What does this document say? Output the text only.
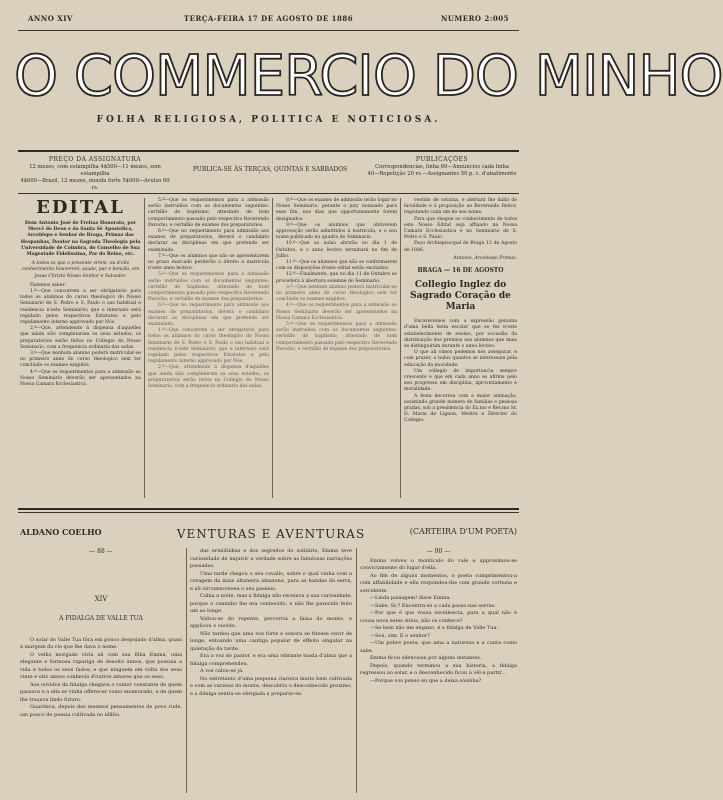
ANNO XIV	TERÇA-FEIRA 17 DE AGOSTO DE 1886	NUMERO 2:005
O COMMERCIO DO MINHO
FOLHA RELIGIOSA, POLITICA E NOTICIOSA.
PREÇO DA ASSIGNATURA
12 mezes, com estampilha 4$500—11 mezes, sem estampilha
4$000—Brazil, 12 mezes, moeda forte 5$000—Avulso 60 rs.
PUBLICA-SE ÁS TERÇAS, QUINTAS E SABBADOS
PUBLICAÇÕES
Correspondencias, linha 60—Annuncios cada linha
40—Repetição 20 rs.—Assignantes 50 p. c. d'abatimento
EDITAL

Dom Antonio José de Freitas Honorato, por Mercê de Deus e da Santa Sé Apostolica, Arcebispo e Senhor de Braga, Primaz das Hespanhas, Doutor na Sagrada Theologia pela Universidade de Coimbra, do Conselho de Sua Magestade Fidelissima, Par do Reino, etc.

A todos os que o presente virem, ou d'elle conhecimento houverem, saude, paz e benção, em Jesus Christo Nosso Senhor e Salvador.

Fazemos saber:

1.º—Que concorrem a ser obrigatorio para todos os alumnos do curso theologico do Nosso Seminario de S. Pedro e S. Paulo o uso habitual e residencia n'este Seminario; que o internato será regulado pelos respectivos Estatutos e pelo regulamento interno approvado por Nós.

2.º—Que, attendendo á dispensa d'aquelles que ainda não completaram os seus estudos, os preparatorios serão feitos no Collegio do Nosso Seminario, com a frequencia ordinaria das aulas.

3.º—Que nenhum alumno poderá matricular-se no primeiro anno do curso theologico sem ter concluido os exames exigidos.

4.º—Que os requerimentos para a admissão ao Nosso Seminario deverão ser apresentados na Nossa Camara Ecclesiastica.

5.º—Que os requerimentos para a admissão serão instruidos com os documentos seguintes: certidão de baptismo, attestado de bom comportamento passado pelo respectivo Reverendo Parocho, e certidão de exames dos preparatorios.

6.º—Que no requerimento para admissão aos exames de preparatorios, deverá o candidato declarar as disciplinas em que pretende ser examinado.

7.º—Que os alumnos que não se apresentarem no prazo marcado perderão o direito á matricula n'este anno lectivo.

5.º—Que os requerimentos para a admissão serão instruidos com os documentos seguintes: certidão de baptismo, attestado de bom comportamento passado pelo respectivo Reverendo Parocho, e certidão de exames dos preparatorios.

6.º—Que no requerimento para admissão aos exames de preparatorios, deverá o candidato declarar as disciplinas em que pretende ser examinado.

1.º—Que concorrem a ser obrigatorio para todos os alumnos do curso theologico do Nosso Seminario de S. Pedro e S. Paulo o uso habitual e residencia n'este Seminario; que o internato será regulado pelos respectivos Estatutos e pelo regulamento interno approvado por Nós.

2.º—Que, attendendo á dispensa d'aquelles que ainda não completaram os seus estudos, os preparatorios serão feitos no Collegio do Nosso Seminario, com a frequencia ordinaria das aulas.

8.º—Que os exames de admissão terão logar no Nosso Seminario, perante o jury nomeado para esse fim, nos dias que opportunamente forem designados.

9.º—Que os alumnos que obtiverem approvação serão admittidos á matricula, e o seu nome publicado no quadro do Seminario.

10.º—Que as aulas abrirão no dia 1 de Outubro, e o anno lectivo terminará no fim de Julho.

11.º—Que os alumnos que não se conformarem com as disposições d'este edital serão excluidos.

12.º—Finalmente, que no dia 11 de Outubro se procederá á abertura solemne do Seminario.

3.º—Que nenhum alumno poderá matricular-se no primeiro anno do curso theologico sem ter concluido os exames exigidos.

4.º—Que os requerimentos para a admissão ao Nosso Seminario deverão ser apresentados na Nossa Camara Ecclesiastica.

5.º—Que os requerimentos para a admissão serão instruidos com os documentos seguintes: certidão de baptismo, attestado de bom comportamento passado pelo respectivo Reverendo Parocho, e certidão de exames dos preparatorios.

vestido de sotaina, e alertará lhe dalla de faculdade e á proposição ao Reverendo Reitor, registando cada um do seu nome.

Para que chegue ao conhecimento de todos este Nosso Edital seja affixado na Nossa Camara Ecclesiastica e no Seminario de S. Pedro e S. Paulo.

Paço Archiepiscopal de Braga 12 de Agosto de 1886.

Antonio, Arcebispo Primaz.

BRAGA — 16 DE AGOSTO
Collegio Inglez do Sagrado Coração de Maria

Encarecemos com a expressão genuina d'uma bella festa escolar que se fez n'este estabelecimento de ensino, por occasião da distribuição dos premios aos alumnos que mais se distinguiram durante o anno lectivo.

O que ali vimos podemos nós assegurar, e com prazer, a todos quantos se interessam pela educação da mocidade.

Um collegio de importancia sempre crescente e que em cada anno se afirma pelo seu progresso em disciplina, aproveitamento e moralidade.

A festa decorreu com a maior animação, assistindo grande numero de familias e pessoas gradas, sob a presidencia do Ex.mo e Rev.mo Sr. D. Maria de Lignon, Mestre e Director do Collegio.

ALDANO COELHO	VENTURAS E AVENTURAS	(CARTEIRA D'UM POETA)
— 88 —
XIV
A FIDALGA DE VALLE TUA

O solar do Valle Tua fôra em pouco despojado d'alma, quasi á margem do rio que lhe dava o nome.

O velho morgado vivia ali com sua filha Emma, uma elegante e formosa rapariga de desoito annos, que possuia a vida e todos os seus fados; e que ninguem em volta dos seus vinte e oito annos conhecia d'outros amores que os seus.

Aos ouvidos da fidalga chegava o rumor constante de quem passava e a ella se vinha offerecer como enamorado, e de quem lhe traçava lindo futuro.

Guardava, depois dos mesmos pensamentos de povo rude, um pouco de poesia cultivada no idillio.

das ermidinhas e dos segredos do solitário, Emma teve curiosidade de inquirir a verdade sobre as fabulosas narrações passadas.

Uma tarde chegou o seu cavallo, sobre o qual vinha com a coragem da mais altaneira amazona, para as bandas da serra, e ali circumscreveu o seu passeio.

Cahia a noite, mas a fidalga não receiava a sua curiosidade, porque o caminho lhe era conhecido, e não lhe parecido feito um ao longe.

Voltou-se do repente, percorria a faixa do monte, e applicou o ouvido.

Não tardou que uma voz forte e sonora se fizesse ouvir de longe, entoando uma cantiga popular de effeito singular na quietação da tarde.

Era a voz do pastor, e era uma vibrante toada d'alma que a fidalga comprehendeu.

A voz calou-se já.

No entretanto d'uma pequena clareira muito bem cultivada e com as varzeas do monte, descobriu o desconhecido proximo, e a fidalga sentiu-se obrigada a preparar-se.

— 90 —

Emma volveu o montículo do vale e approximou-se convictamente do lugar d'ella.

Ao fim de alguns momentos, o poeta cumprimentou-a com affabilidade e ella respondeu-lhe com grande cortezia e sorridente.

—Linda paisagem! disse Emma.

—Sabe, Sr.? Encontra-se a cada passo nas serras.

—Por que é que vossa excellencia, para a qual não é cousa nova estes sitios, não os conhece?

—Se bem não me engano, é a fidalga de Valle Tua.

—Sou, sim. E o senhor?

—Um pobre poeta, que ama a natureza e a canta como sabe.

Emma ficou silenciosa por alguns instantes.

Depois, quando terminou a sua historia, a fidalga regressou ao solar, e o desconhecido ficou a vêl-a partir...

—Porque vos penso eu que a deixa sósinha?
